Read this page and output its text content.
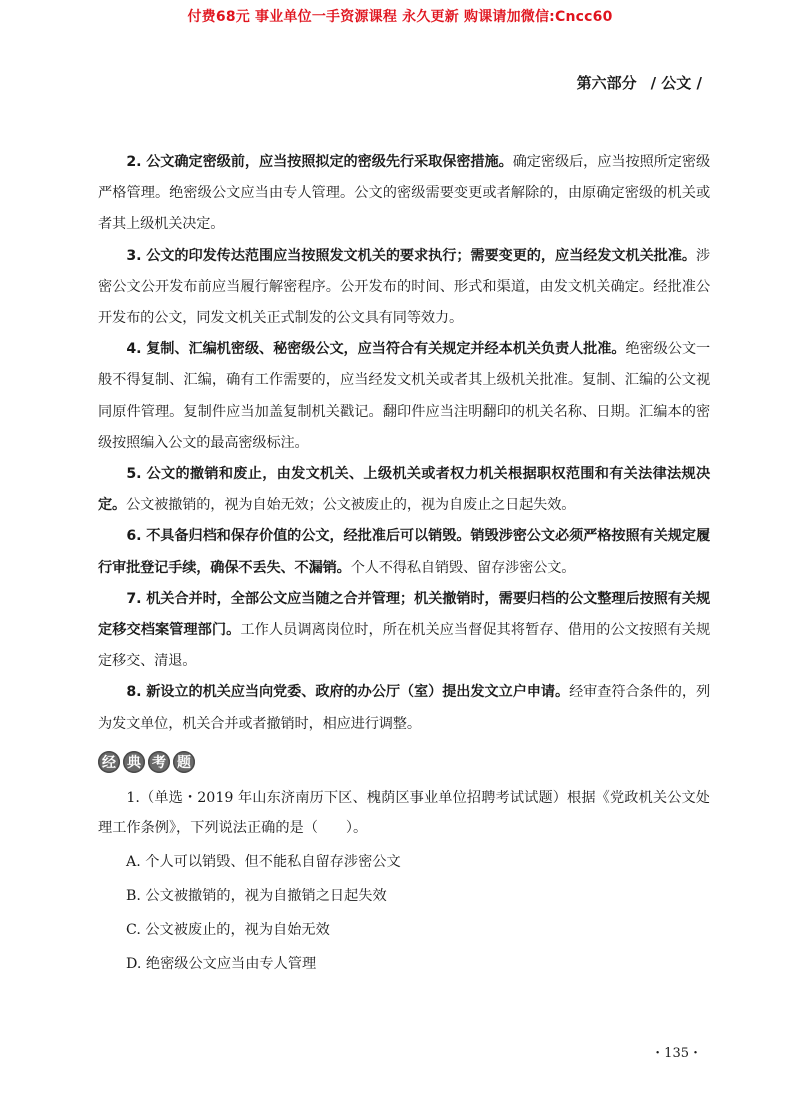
付费68元 事业单位一手资源课程 永久更新 购课请加微信:Cncc60
第六部分 / 公文 /

2. 公文确定密级前，应当按照拟定的密级先行采取保密措施。确定密级后，应当按照所定密级严格管理。绝密级公文应当由专人管理。公文的密级需要变更或者解除的，由原确定密级的机关或者其上级机关决定。

3. 公文的印发传达范围应当按照发文机关的要求执行；需要变更的，应当经发文机关批准。涉密公文公开发布前应当履行解密程序。公开发布的时间、形式和渠道，由发文机关确定。经批准公开发布的公文，同发文机关正式制发的公文具有同等效力。

4. 复制、汇编机密级、秘密级公文，应当符合有关规定并经本机关负责人批准。绝密级公文一般不得复制、汇编，确有工作需要的，应当经发文机关或者其上级机关批准。复制、汇编的公文视同原件管理。复制件应当加盖复制机关戳记。翻印件应当注明翻印的机关名称、日期。汇编本的密级按照编入公文的最高密级标注。

5. 公文的撤销和废止，由发文机关、上级机关或者权力机关根据职权范围和有关法律法规决定。公文被撤销的，视为自始无效；公文被废止的，视为自废止之日起失效。

6. 不具备归档和保存价值的公文，经批准后可以销毁。销毁涉密公文必须严格按照有关规定履行审批登记手续，确保不丢失、不漏销。个人不得私自销毁、留存涉密公文。

7. 机关合并时，全部公文应当随之合并管理；机关撤销时，需要归档的公文整理后按照有关规定移交档案管理部门。工作人员调离岗位时，所在机关应当督促其将暂存、借用的公文按照有关规定移交、清退。

8. 新设立的机关应当向党委、政府的办公厅（室）提出发文立户申请。经审查符合条件的，列为发文单位，机关合并或者撤销时，相应进行调整。

经 典 考 题

1.（单选・2019 年山东济南历下区、槐荫区事业单位招聘考试试题）根据《党政机关公文处理工作条例》，下列说法正确的是（ ）。

A. 个人可以销毁、但不能私自留存涉密公文

B. 公文被撤销的，视为自撤销之日起失效

C. 公文被废止的，视为自始无效

D. 绝密级公文应当由专人管理

・135・
